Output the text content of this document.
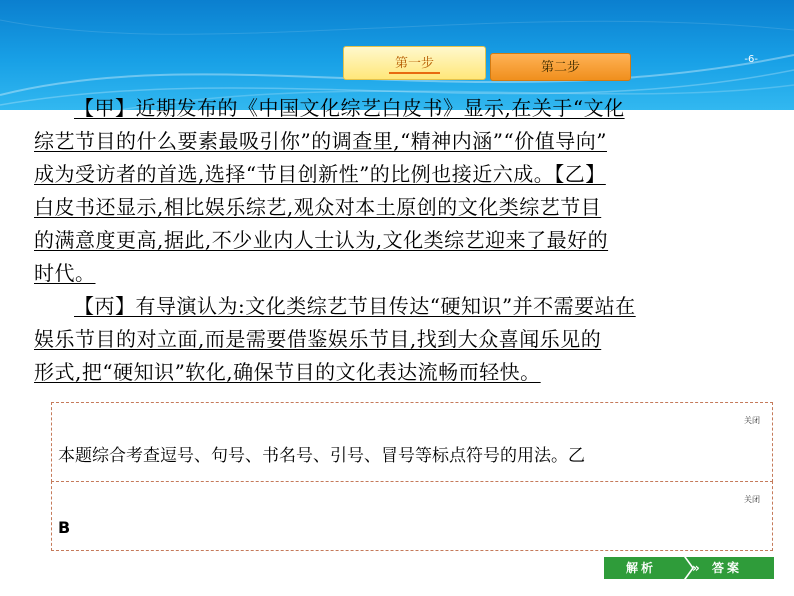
第一步	第二步
-6-

【甲】近期发布的《中国文化综艺白皮书》显示,在关于“文化
综艺节目的什么要素最吸引你”的调查里,“精神内涵”“价值导向”
成为受访者的首选,选择“节目创新性”的比例也接近六成。【乙】
白皮书还显示,相比娱乐综艺,观众对本土原创的文化类综艺节目
的满意度更高,据此,不少业内人士认为,文化类综艺迎来了最好的
时代。

【丙】有导演认为:文化类综艺节目传达“硬知识”并不需要站在
娱乐节目的对立面,而是需要借鉴娱乐节目,找到大众喜闻乐见的
形式,把“硬知识”软化,确保节目的文化表达流畅而轻快。

关闭
本题综合考查逗号、句号、书名号、引号、冒号等标点符号的用法。乙
关闭
B
解析	» 答案
